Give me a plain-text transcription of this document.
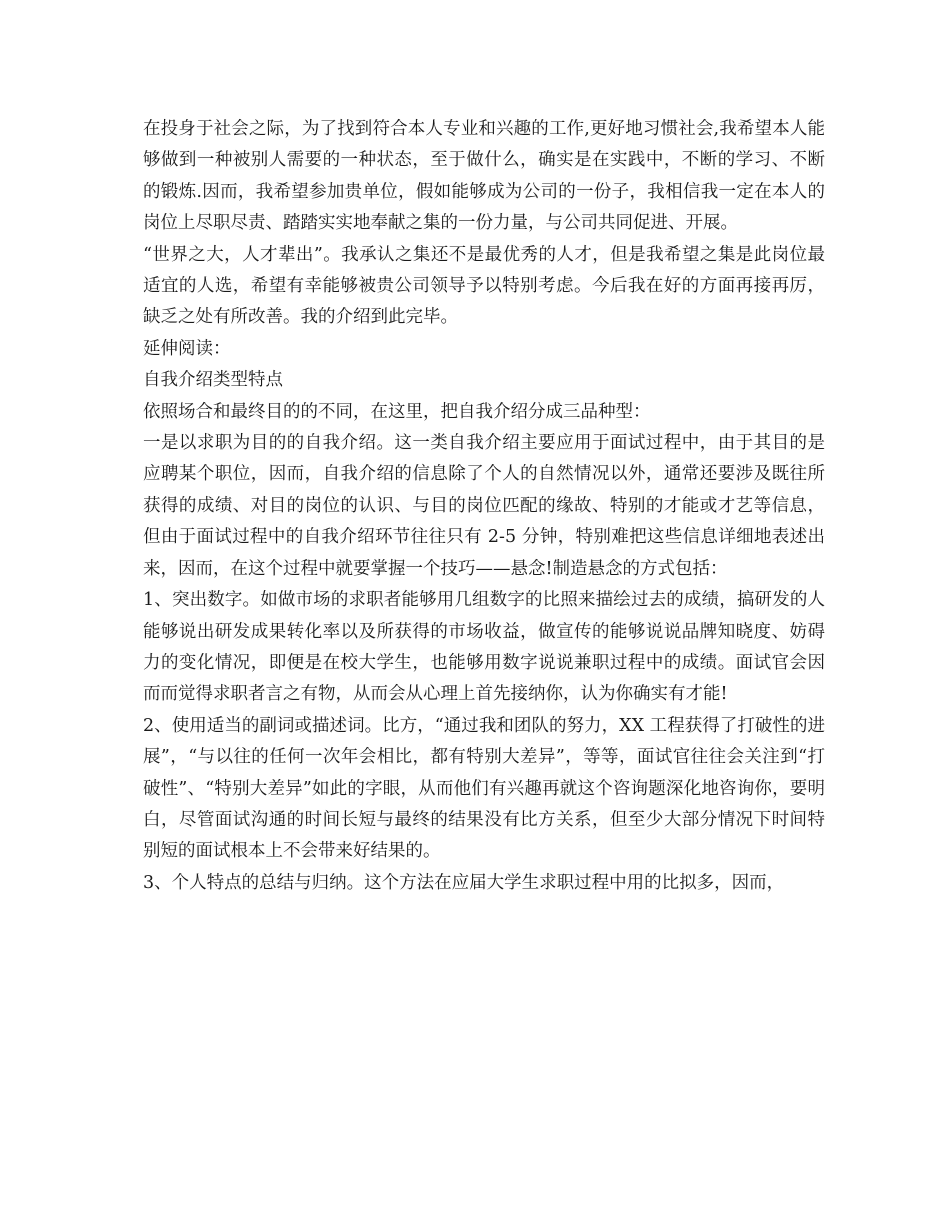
在投身于社会之际，为了找到符合本人专业和兴趣的工作,更好地习惯社会,我希望本人能够做到一种被别人需要的一种状态，至于做什么，确实是在实践中，不断的学习、不断的锻炼.因而，我希望参加贵单位，假如能够成为公司的一份子，我相信我一定在本人的岗位上尽职尽责、踏踏实实地奉献之集的一份力量，与公司共同促进、开展。

“世界之大，人才辈出”。我承认之集还不是最优秀的人才，但是我希望之集是此岗位最适宜的人选，希望有幸能够被贵公司领导予以特别考虑。今后我在好的方面再接再厉，缺乏之处有所改善。我的介绍到此完毕。

延伸阅读：

自我介绍类型特点

依照场合和最终目的的不同，在这里，把自我介绍分成三品种型：

一是以求职为目的的自我介绍。这一类自我介绍主要应用于面试过程中，由于其目的是应聘某个职位，因而，自我介绍的信息除了个人的自然情况以外，通常还要涉及既往所获得的成绩、对目的岗位的认识、与目的岗位匹配的缘故、特别的才能或才艺等信息，但由于面试过程中的自我介绍环节往往只有 2-5 分钟，特别难把这些信息详细地表述出来，因而，在这个过程中就要掌握一个技巧——悬念!制造悬念的方式包括：

1、突出数字。如做市场的求职者能够用几组数字的比照来描绘过去的成绩，搞研发的人能够说出研发成果转化率以及所获得的市场收益，做宣传的能够说说品牌知晓度、妨碍力的变化情况，即便是在校大学生，也能够用数字说说兼职过程中的成绩。面试官会因而而觉得求职者言之有物，从而会从心理上首先接纳你，认为你确实有才能!

2、使用适当的副词或描述词。比方，“通过我和团队的努力，XX 工程获得了打破性的进展”，“与以往的任何一次年会相比，都有特别大差异”，等等，面试官往往会关注到“打破性”、“特别大差异”如此的字眼，从而他们有兴趣再就这个咨询题深化地咨询你，要明白，尽管面试沟通的时间长短与最终的结果没有比方关系，但至少大部分情况下时间特别短的面试根本上不会带来好结果的。

3、个人特点的总结与归纳。这个方法在应届大学生求职过程中用的比拟多，因而，
